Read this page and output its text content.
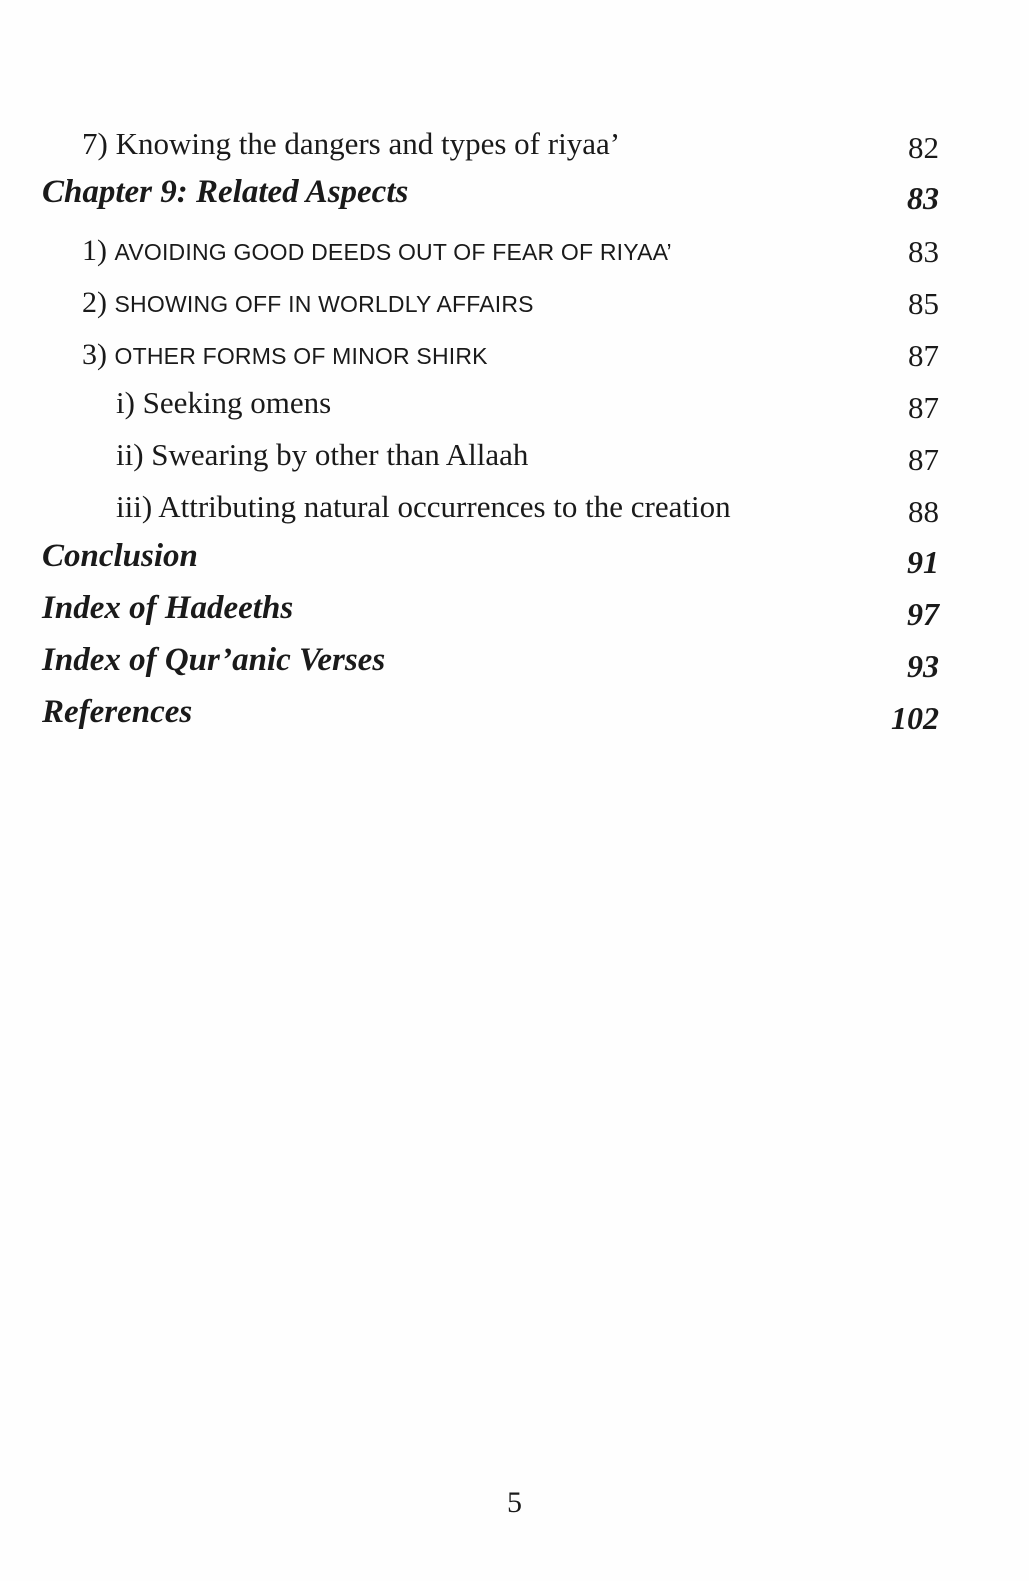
7) Knowing the dangers and types of riyaa’	82
Chapter 9: Related Aspects	83
1) AVOIDING GOOD DEEDS OUT OF FEAR OF RIYAA’	83
2) SHOWING OFF IN WORLDLY AFFAIRS	85
3) OTHER FORMS OF MINOR SHIRK	87
i) Seeking omens	87
ii) Swearing by other than Allaah	87
iii) Attributing natural occurrences to the creation	88
Conclusion	91
Index of Hadeeths	97
Index of Qur’anic Verses	93
References	102
5
